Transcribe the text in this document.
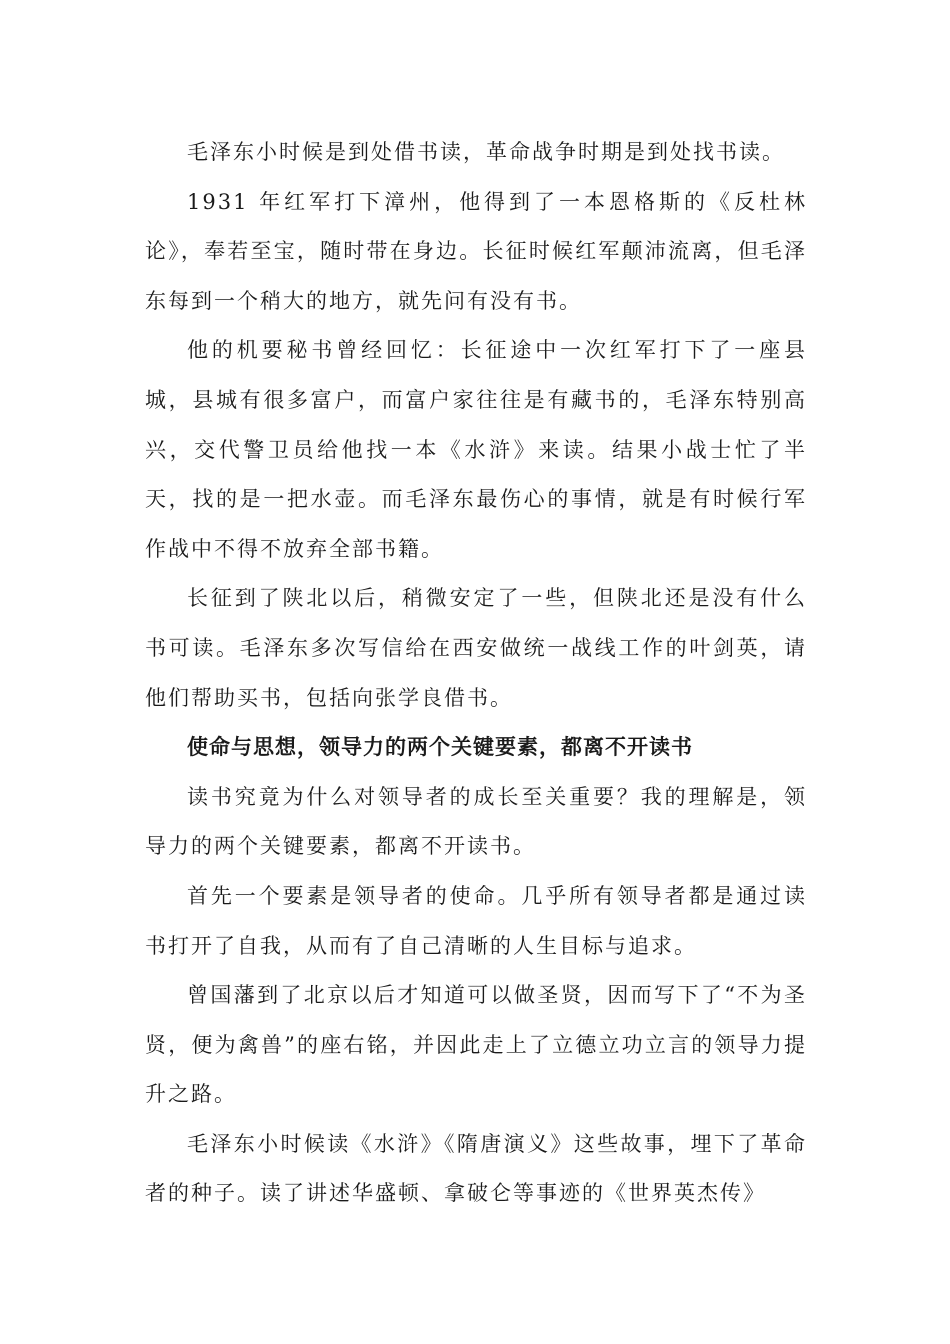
毛泽东小时候是到处借书读，革命战争时期是到处找书读。

1931 年红军打下漳州，他得到了一本恩格斯的《反杜林论》，奉若至宝，随时带在身边。长征时候红军颠沛流离，但毛泽东每到一个稍大的地方，就先问有没有书。

他的机要秘书曾经回忆：长征途中一次红军打下了一座县城，县城有很多富户，而富户家往往是有藏书的，毛泽东特别高兴，交代警卫员给他找一本《水浒》来读。结果小战士忙了半天，找的是一把水壶。而毛泽东最伤心的事情，就是有时候行军作战中不得不放弃全部书籍。

长征到了陕北以后，稍微安定了一些，但陕北还是没有什么书可读。毛泽东多次写信给在西安做统一战线工作的叶剑英，请他们帮助买书，包括向张学良借书。

使命与思想，领导力的两个关键要素，都离不开读书

读书究竟为什么对领导者的成长至关重要？我的理解是，领导力的两个关键要素，都离不开读书。

首先一个要素是领导者的使命。几乎所有领导者都是通过读书打开了自我，从而有了自己清晰的人生目标与追求。

曾国藩到了北京以后才知道可以做圣贤，因而写下了“不为圣贤，便为禽兽”的座右铭，并因此走上了立德立功立言的领导力提升之路。

毛泽东小时候读《水浒》《隋唐演义》这些故事，埋下了革命者的种子。读了讲述华盛顿、拿破仑等事迹的《世界英杰传》
